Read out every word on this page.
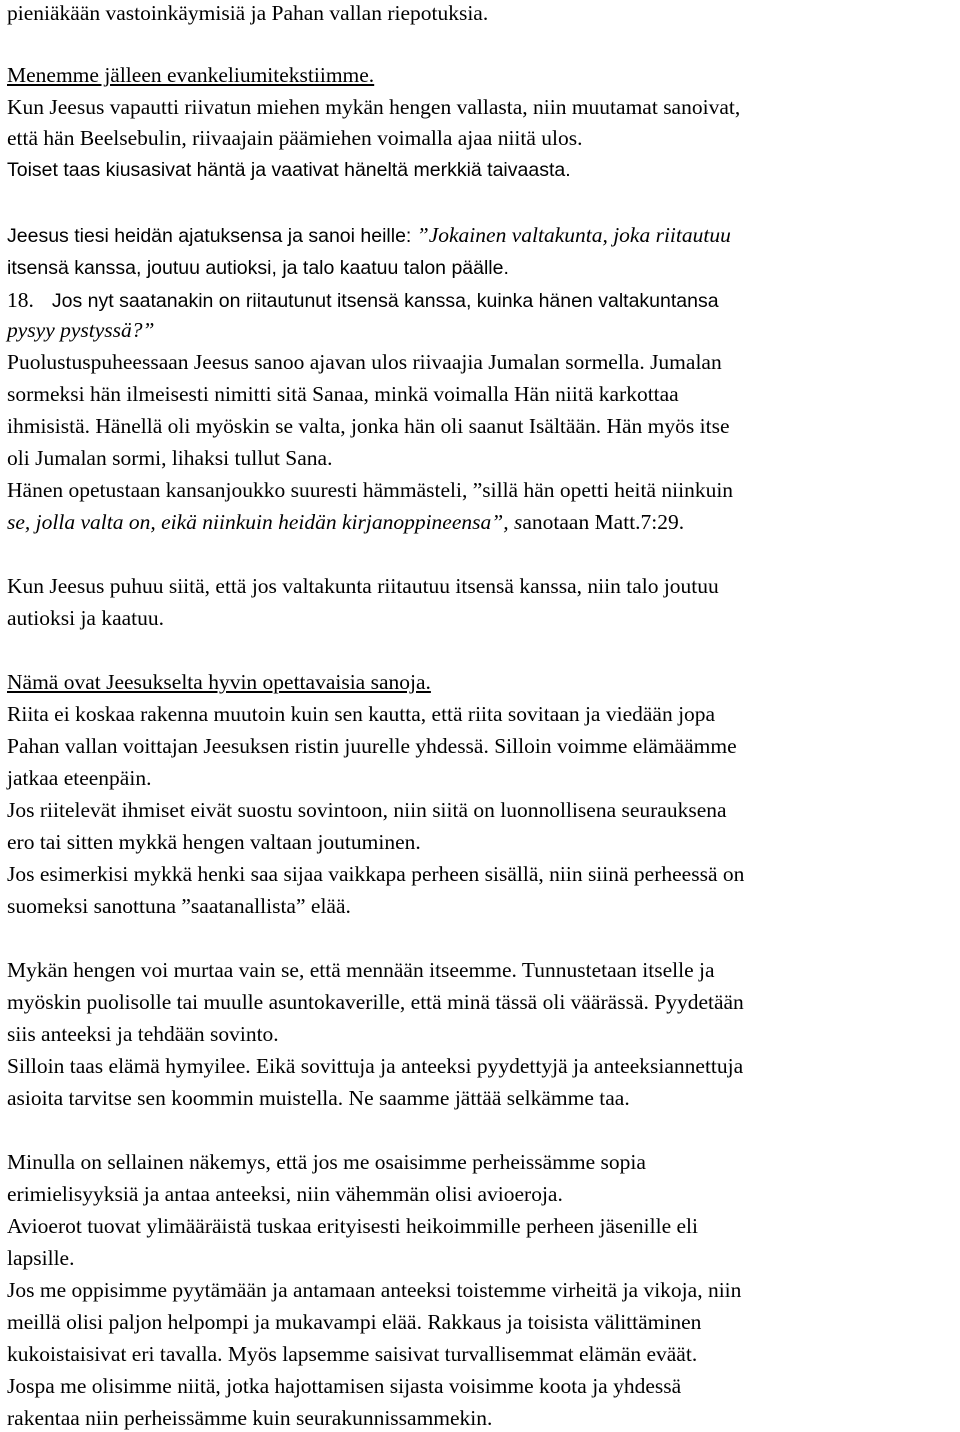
pieniäkään vastoinkäymisiä ja Pahan vallan riepotuksia.
Menemme jälleen evankeliumitekstiimme.
Kun Jeesus vapautti riivatun miehen mykän hengen vallasta, niin muutamat sanoivat,
että hän Beelsebulin, riivaajain päämiehen voimalla ajaa niitä ulos.
Toiset taas kiusasivat häntä ja vaativat häneltä merkkiä taivaasta.
Jeesus tiesi heidän ajatuksensa ja sanoi heille: ”Jokainen valtakunta, joka riitautuu
itsensä kanssa, joutuu autioksi, ja talo kaatuu talon päälle.
18. Jos nyt saatanakin on riitautunut itsensä kanssa, kuinka hänen valtakuntansa
pysyy pystyssä?”
Puolustuspuheessaan Jeesus sanoo ajavan ulos riivaajia Jumalan sormella. Jumalan
sormeksi hän ilmeisesti nimitti sitä Sanaa, minkä voimalla Hän niitä karkottaa
ihmisistä. Hänellä oli myöskin se valta, jonka hän oli saanut Isältään. Hän myös itse
oli Jumalan sormi, lihaksi tullut Sana.
Hänen opetustaan kansanjoukko suuresti hämmästeli, ”sillä hän opetti heitä niinkuin
se, jolla valta on, eikä niinkuin heidän kirjanoppineensa”, sanotaan Matt.7:29.
Kun Jeesus puhuu siitä, että jos valtakunta riitautuu itsensä kanssa, niin talo joutuu
autioksi ja kaatuu.
Nämä ovat Jeesukselta hyvin opettavaisia sanoja.
Riita ei koskaa rakenna muutoin kuin sen kautta, että riita sovitaan ja viedään jopa
Pahan vallan voittajan Jeesuksen ristin juurelle yhdessä. Silloin voimme elämäämme
jatkaa eteenpäin.
Jos riitelevät ihmiset eivät suostu sovintoon, niin siitä on luonnollisena seurauksena
ero tai sitten mykkä hengen valtaan joutuminen.
Jos esimerkisi mykkä henki saa sijaa vaikkapa perheen sisällä, niin siinä perheessä on
suomeksi sanottuna ”saatanallista” elää.
Mykän hengen voi murtaa vain se, että mennään itseemme. Tunnustetaan itselle ja
myöskin puolisolle tai muulle asuntokaverille, että minä tässä oli väärässä. Pyydetään
siis anteeksi ja tehdään sovinto.
Silloin taas elämä hymyilee. Eikä sovittuja ja anteeksi pyydettyjä ja anteeksiannettuja
asioita tarvitse sen koommin muistella. Ne saamme jättää selkämme taa.
Minulla on sellainen näkemys, että jos me osaisimme perheissämme sopia
erimielisyyksiä ja antaa anteeksi, niin vähemmän olisi avioeroja.
Avioerot tuovat ylimääräistä tuskaa erityisesti heikoimmille perheen jäsenille eli
lapsille.
Jos me oppisimme pyytämään ja antamaan anteeksi toistemme virheitä ja vikoja, niin
meillä olisi paljon helpompi ja mukavampi elää. Rakkaus ja toisista välittäminen
kukoistaisivat eri tavalla. Myös lapsemme saisivat turvallisemmat elämän eväät.
Jospa me olisimme niitä, jotka hajottamisen sijasta voisimme koota ja yhdessä
rakentaa niin perheissämme kuin seurakunnissammekin.
